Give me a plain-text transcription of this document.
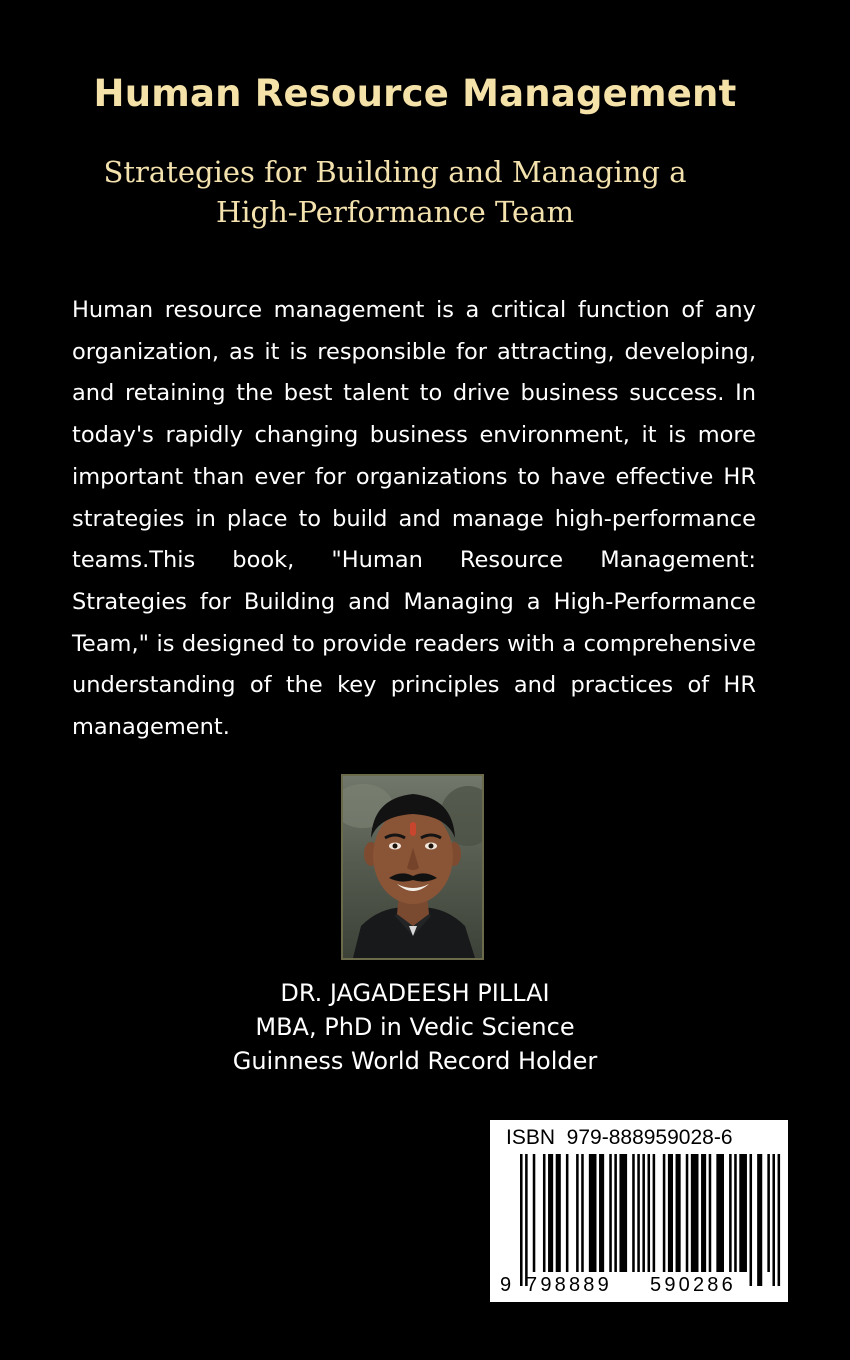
Human Resource Management
Strategies for Building and Managing a
High-Performance Team

Human resource management is a critical function of any organization, as it is responsible for attracting, developing, and retaining the best talent to drive business success. In today's rapidly changing business environment, it is more important than ever for organizations to have effective HR strategies in place to build and manage high-performance teams.This book, "Human Resource Management: Strategies for Building and Managing a High-Performance Team," is designed to provide readers with a comprehensive understanding of the key principles and practices of HR management.

DR. JAGADEESH PILLAI
MBA, PhD in Vedic Science
Guinness World Record Holder
ISBN  979-888959028-6
9 798889 590286
